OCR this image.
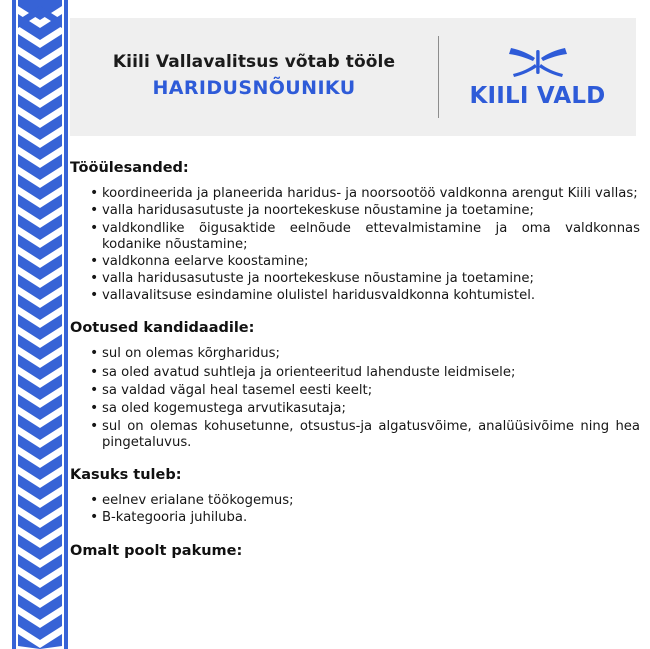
Kiili Vallavalitsus võtab tööle
HARIDUSNÕUNIKU	KIILI VALD
Tööülesanded:
• koordineerida ja planeerida haridus- ja noorsootöö valdkonna arengut Kiili vallas;
• valla haridusasutuste ja noortekeskuse nõustamine ja toetamine;
• valdkondlike õigusaktide eelnõude ettevalmistamine ja oma valdkonnas kodanike nõustamine;
• valdkonna eelarve koostamine;
• valla haridusasutuste ja noortekeskuse nõustamine ja toetamine;
• vallavalitsuse esindamine olulistel haridusvaldkonna kohtumistel.
Ootused kandidaadile:
• sul on olemas kõrgharidus;
• sa oled avatud suhtleja ja orienteeritud lahenduste leidmisele;
• sa valdad vägal heal tasemel eesti keelt;
• sa oled kogemustega arvutikasutaja;
• sul on olemas kohusetunne, otsustus-ja algatusvõime, analüüsivõime ning hea pingetaluvus.
Kasuks tuleb:
• eelnev erialane töökogemus;
• B-kategooria juhiluba.
Omalt poolt pakume:
